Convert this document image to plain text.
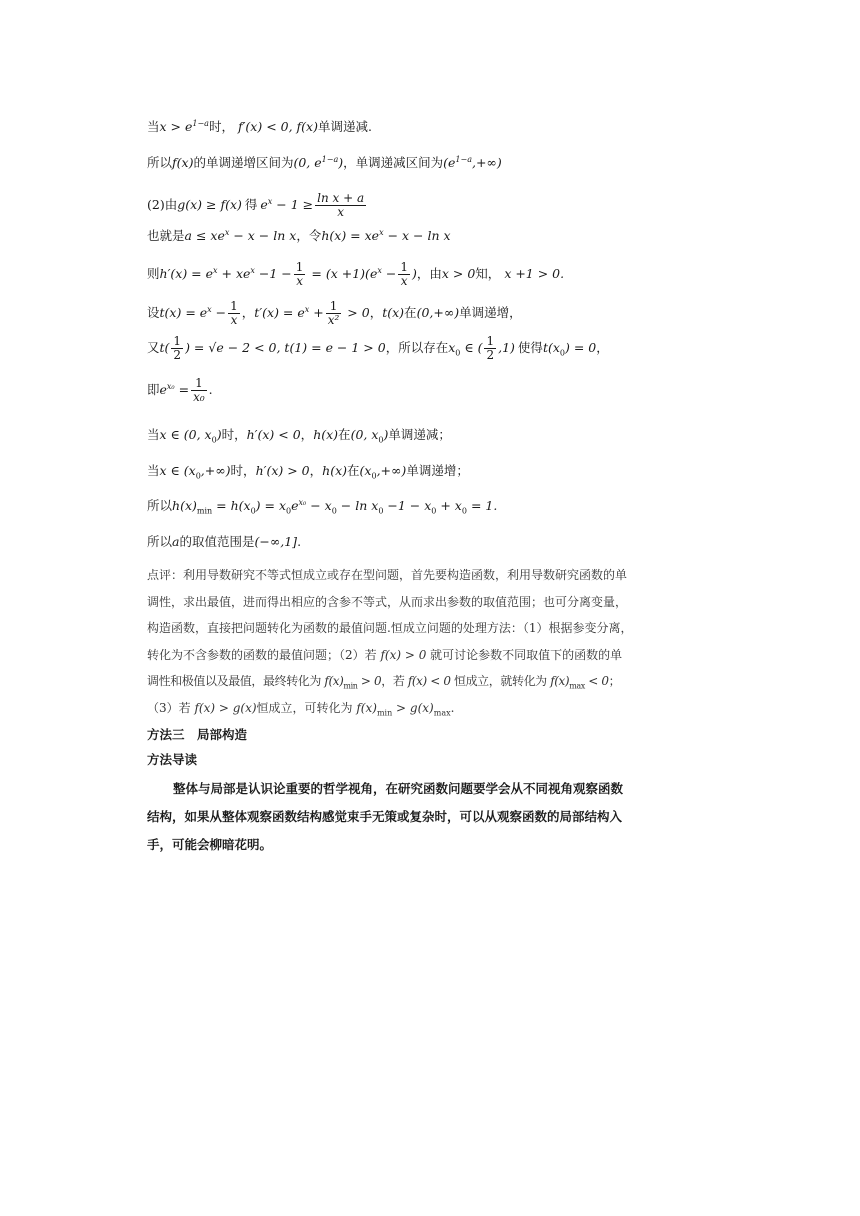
当$x > e^{1-a}$时， f′(x) < 0, f(x)单调递减.
所以f(x)的单调递增区间为(0, $e^{1-a}$)，单调递减区间为$(e^{1-a},+\infty)$
(2)由g(x) ≥ f(x) 得 $e^x - 1 \ge \frac{\text{ln x + a}}{x}$
也就是$a \le xe^x - x - \ln x$，令$h(x) = xe^x - x - \ln x$
则$h'(x) = e^x + xe^x -1 - \frac{1}{x} = (x +1)(e^x - \frac{1}{x}$ )，由x > 0知， x +1 > 0.
设$t(x) = e^x - \frac{1}{x}$ ，$t'(x) = e^x + \frac{1}{\text{x²}} > 0$，t(x)在(0,+∞)单调递增，
又$t( \frac{1}{2}$ ) = √e − 2 < 0, t(1) = e − 1 > 0，所以存在$x_0$ ∈ ( $\frac{1}{2} ,1$) 使得$t(x_0) = 0$，
即$e^{x_0} = \frac{1}{\text{x₀}}$ .
当x ∈ (0, $x_0$)时，h′(x) < 0，h(x)在(0, $x_0$)单调递减；
当x ∈ $(x_0,+\infty)$时，h′(x) > 0，h(x)在$(x_0,+\infty)$单调递增；
所以$h(x)_{min} = h(x_0) = x_0e^{x_0} - x_0 - \ln x_0 -1 - x_0 + x_0 = 1$.
所以a的取值范围是(−∞,1].
点评：利用导数研究不等式恒成立或存在型问题，首先要构造函数，利用导数研究函数的单
调性，求出最值，进而得出相应的含参不等式，从而求出参数的取值范围；也可分离变量，
构造函数，直接把问题转化为函数的最值问题.恒成立问题的处理方法：（1）根据参变分离，
转化为不含参数的函数的最值问题；（2）若 f(x) > 0 就可讨论参数不同取值下的函数的单
调性和极值以及最值，最终转化为 $f(x)_{min} > 0$，若 f(x) < 0 恒成立，就转化为 $f(x)_{max} < 0$；
（3）若 f(x) > g(x)恒成立，可转化为 $f(x)_{min} > g(x)_{max}$.
方法三　局部构造
方法导读
整体与局部是认识论重要的哲学视角，在研究函数问题要学会从不同视角观察函数结构，如果从整体观察函数结构感觉束手无策或复杂时，可以从观察函数的局部结构入手，可能会柳暗花明。
